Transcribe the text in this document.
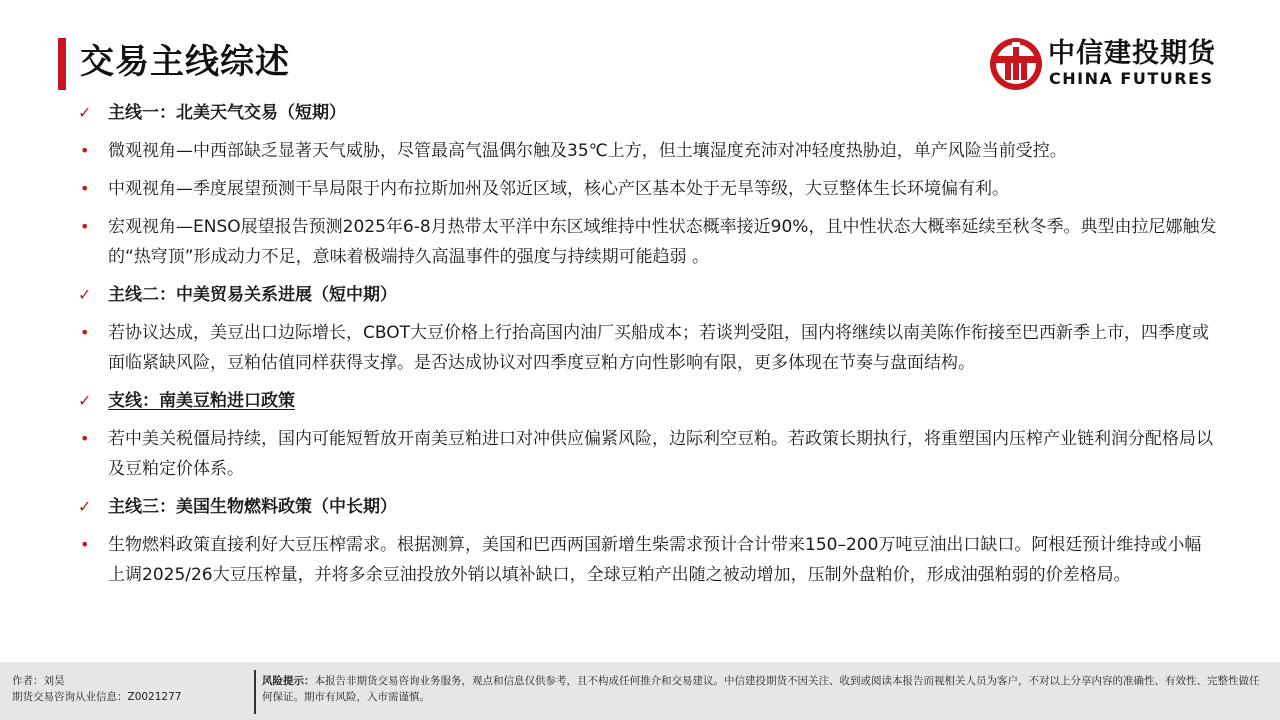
交易主线综述	中信建投期货
CHINA FUTURES
✓ 主线一：北美天气交易（短期）
•	微观视角—中西部缺乏显著天气威胁，尽管最高气温偶尔触及35℃上方，但土壤湿度充沛对冲轻度热胁迫，单产风险当前受控。
•	中观视角—季度展望预测干旱局限于内布拉斯加州及邻近区域，核心产区基本处于无旱等级，大豆整体生长环境偏有利。
•	宏观视角—ENSO展望报告预测2025年6-8月热带太平洋中东区域维持中性状态概率接近90%，且中性状态大概率延续至秋冬季。典型由拉尼娜触发的“热穹顶”形成动力不足，意味着极端持久高温事件的强度与持续期可能趋弱 。
✓ 主线二：中美贸易关系进展（短中期）
•	若协议达成，美豆出口边际增长，CBOT大豆价格上行抬高国内油厂买船成本；若谈判受阻，国内将继续以南美陈作衔接至巴西新季上市，四季度或面临紧缺风险，豆粕估值同样获得支撑。是否达成协议对四季度豆粕方向性影响有限，更多体现在节奏与盘面结构。
✓ 支线：南美豆粕进口政策
•	若中美关税僵局持续，国内可能短暂放开南美豆粕进口对冲供应偏紧风险，边际利空豆粕。若政策长期执行，将重塑国内压榨产业链利润分配格局以及豆粕定价体系。
✓ 主线三：美国生物燃料政策（中长期）
•	生物燃料政策直接利好大豆压榨需求。根据测算，美国和巴西两国新增生柴需求预计合计带来150–200万吨豆油出口缺口。阿根廷预计维持或小幅上调2025/26大豆压榨量，并将多余豆油投放外销以填补缺口，全球豆粕产出随之被动增加，压制外盘粕价，形成油强粕弱的价差格局。
作者：刘昊
期货交易咨询从业信息：Z0021277
风险提示：本报告非期货交易咨询业务服务，观点和信息仅供参考，且不构成任何推介和交易建议。中信建投期货不因关注、收到或阅读本报告而视相关人员为客户，不对以上分享内容的准确性、有效性、完整性做任何保证。期市有风险，入市需谨慎。
